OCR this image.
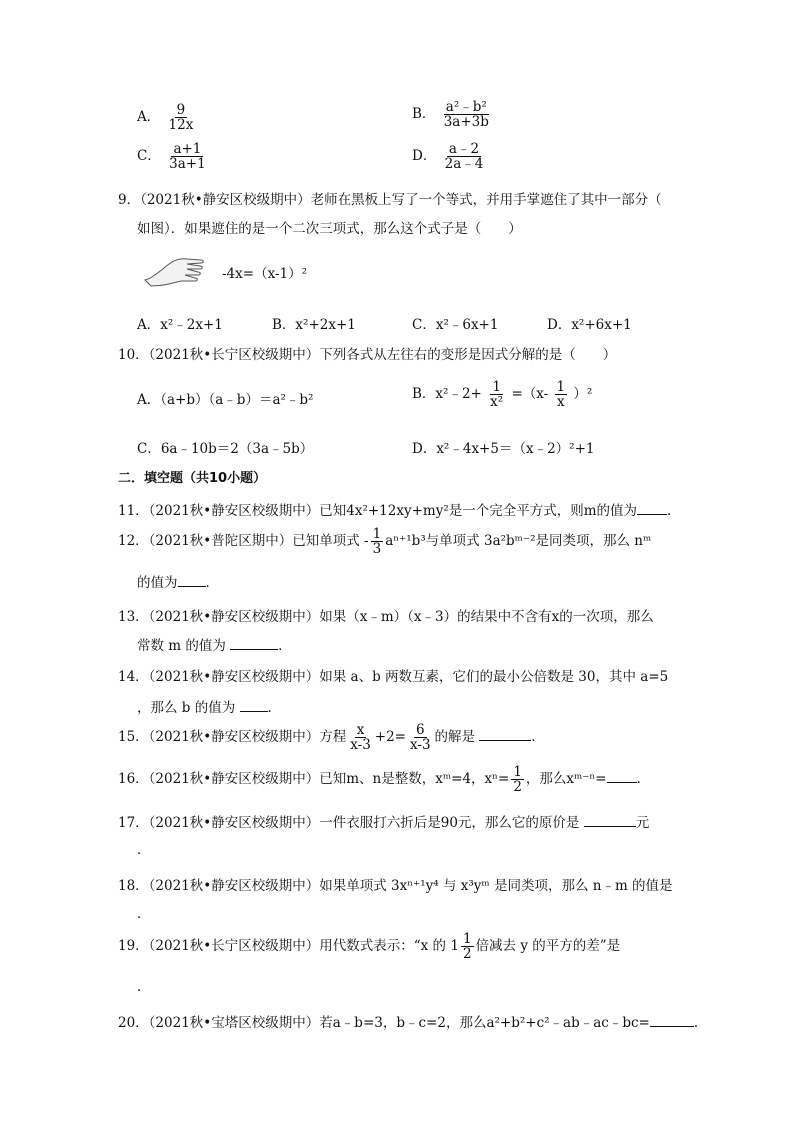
A． $\frac{9}{12x}$	B． $\frac{\text{a²﹣b²}}{3a+3b}$
C． $\frac{a+1}{3a+1}$	D． $\frac{a﹣2}{2a﹣4}$
9．（2021秋•静安区校级期中）老师在黑板上写了一个等式，并用手掌遮住了其中一部分（
如图）．如果遮住的是一个二次三项式，那么这个式子是（　　）
-4x=（x-1）²
A．x²﹣2x+1	B．x²+2x+1	C．x²﹣6x+1	D．x²+6x+1
10．（2021秋•长宁区校级期中）下列各式从左往右的变形是因式分解的是（　　）
A．（a+b）（a﹣b）＝a²﹣b²	B．x²﹣2+ $\frac{1}{\text{x²}} =(x- \frac{1}{x} )^2$
C．6a﹣10b＝2（3a﹣5b）	D．x²﹣4x+5＝（x﹣2）²+1
二．填空题（共10小题）
11．（2021秋•静安区校级期中）已知4x²+12xy+my²是一个完全平方式，则m的值为 ．
12．（2021秋•普陀区期中）已知单项式 - $\frac{1}{3} a^{n+1}b^3$与单项式 3a²bᵐ⁻²是同类项，那么 nᵐ
的值为 ．
13．（2021秋•静安区校级期中）如果（x﹣m）（x﹣3）的结果中不含有x的一次项，那么
常数 m 的值为	．
14．（2021秋•静安区校级期中）如果 a、b 两数互素，它们的最小公倍数是 30，其中 a=5
，那么 b 的值为 ．
15．（2021秋•静安区校级期中）方程 $\frac{x}{x-3} +2= \frac{6}{x-3}$ 的解是	．
16．（2021秋•静安区校级期中）已知m、n是整数，xᵐ=4，$x^n= \frac{1}{2}$ ，那么xᵐ⁻ⁿ= ．
17．（2021秋•静安区校级期中）一件衣服打六折后是90元，那么它的原价是	元
．
18．（2021秋•静安区校级期中）如果单项式 3xⁿ⁺¹y⁴ 与 x³yᵐ 是同类项，那么 n﹣m 的值是
．
19．（2021秋•长宁区校级期中）用代数式表示：“x 的 $1 \frac{1}{2}$ 倍减去 y 的平方的差”是
．
20．（2021秋•宝塔区校级期中）若a﹣b=3，b﹣c=2，那么a²+b²+c²﹣ab﹣ac﹣bc=	．
